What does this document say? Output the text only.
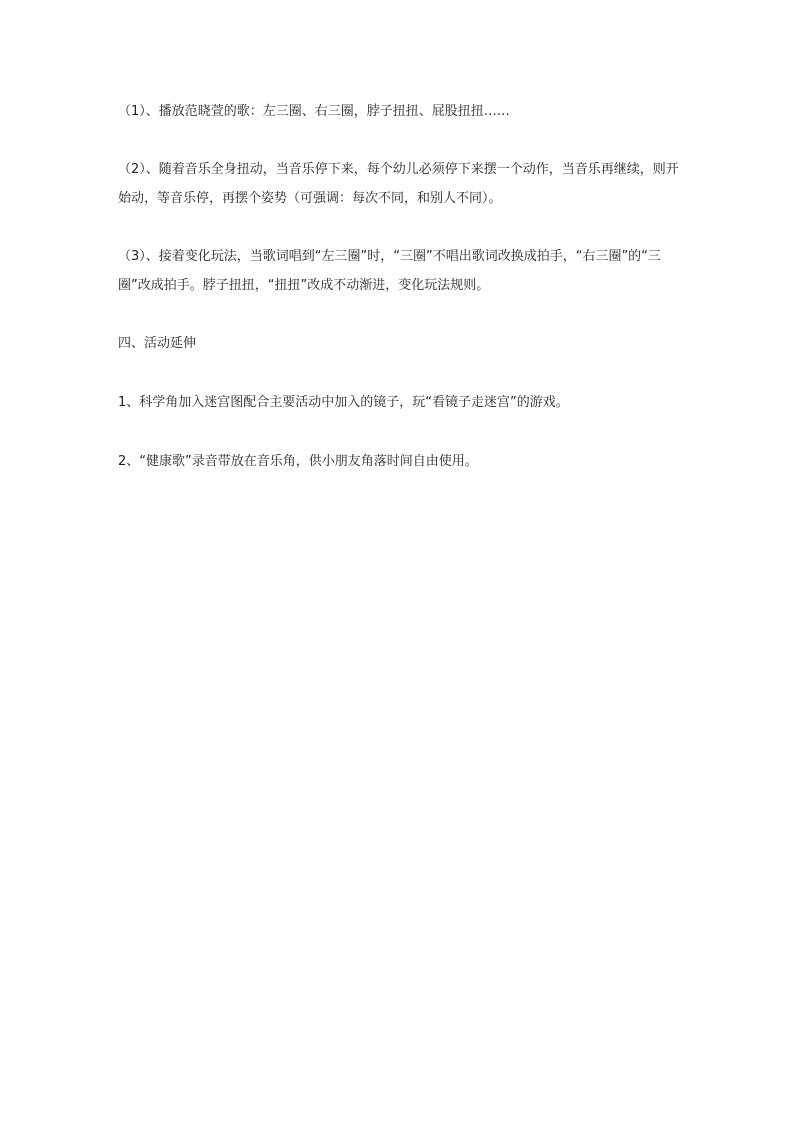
（1）、播放范晓萱的歌：左三圈、右三圈，脖子扭扭、屁股扭扭……
（2）、随着音乐全身扭动，当音乐停下来，每个幼儿必须停下来摆一个动作，当音乐再继续，则开始动，等音乐停，再摆个姿势（可强调：每次不同，和别人不同）。
（3）、接着变化玩法，当歌词唱到“左三圈”时，“三圈”不唱出歌词改换成拍手，“右三圈”的“三圈”改成拍手。脖子扭扭，“扭扭”改成不动渐进，变化玩法规则。
四、活动延伸
1、科学角加入迷宫图配合主要活动中加入的镜子，玩“看镜子走迷宫”的游戏。
2、“健康歌”录音带放在音乐角，供小朋友角落时间自由使用。
